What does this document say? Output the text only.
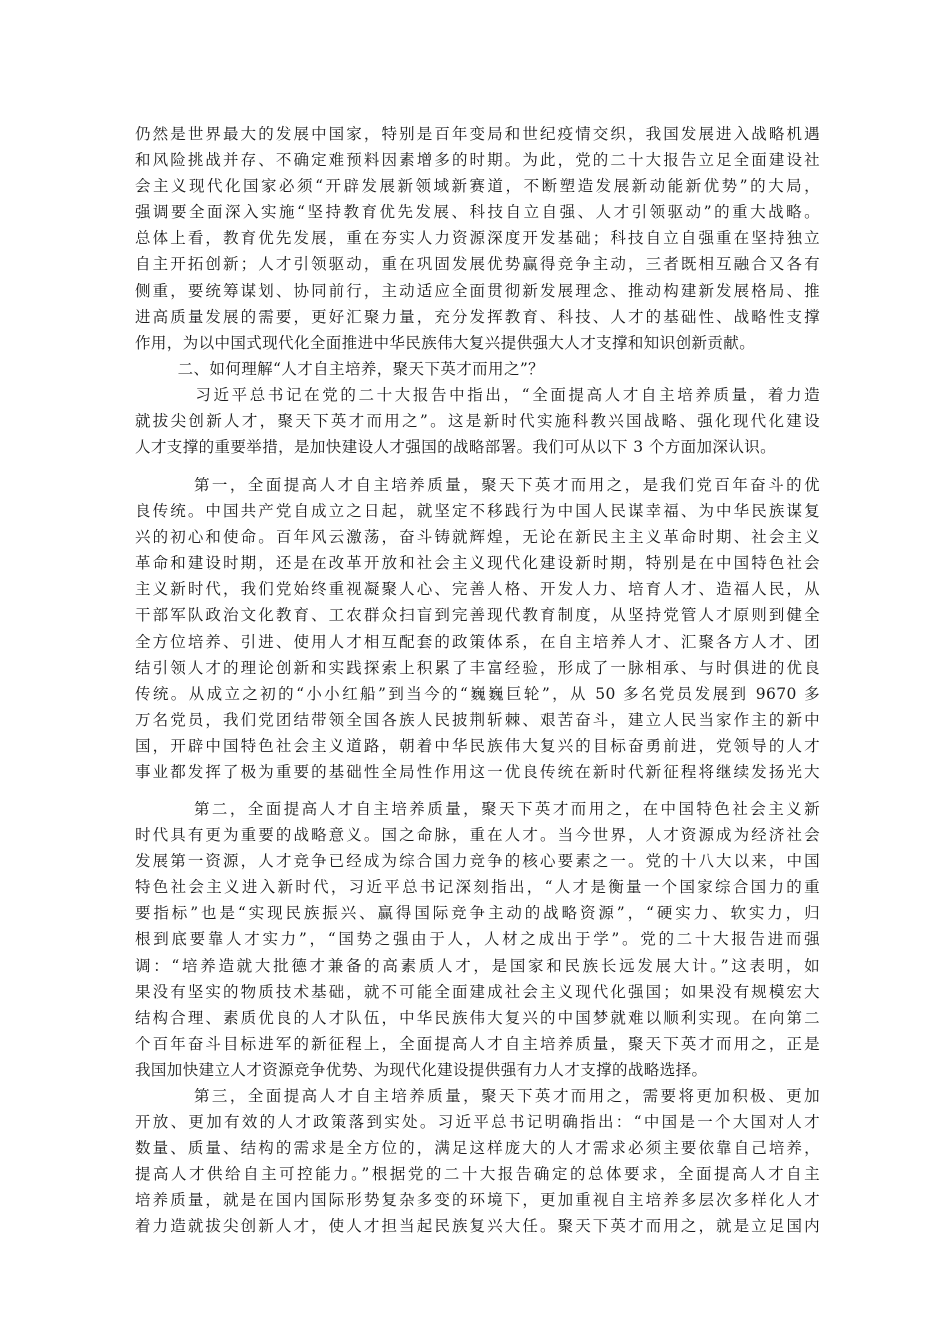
仍然是世界最大的发展中国家，特别是百年变局和世纪疫情交织，我国发展进入战略机遇
和风险挑战并存、不确定难预料因素增多的时期。为此，党的二十大报告立足全面建设社
会主义现代化国家必须“开辟发展新领域新赛道，不断塑造发展新动能新优势”的大局，
强调要全面深入实施“坚持教育优先发展、科技自立自强、人才引领驱动”的重大战略。
总体上看，教育优先发展，重在夯实人力资源深度开发基础；科技自立自强重在坚持独立
自主开拓创新；人才引领驱动，重在巩固发展优势赢得竞争主动，三者既相互融合又各有
侧重，要统筹谋划、协同前行，主动适应全面贯彻新发展理念、推动构建新发展格局、推
进高质量发展的需要，更好汇聚力量，充分发挥教育、科技、人才的基础性、战略性支撑
作用，为以中国式现代化全面推进中华民族伟大复兴提供强大人才支撑和知识创新贡献。
二、如何理解“人才自主培养，聚天下英才而用之”？
习近平总书记在党的二十大报告中指出，“全面提高人才自主培养质量，着力造
就拔尖创新人才，聚天下英才而用之”。这是新时代实施科教兴国战略、强化现代化建设
人才支撑的重要举措，是加快建设人才强国的战略部署。我们可从以下 3 个方面加深认识。
第一，全面提高人才自主培养质量，聚天下英才而用之，是我们党百年奋斗的优
良传统。中国共产党自成立之日起，就坚定不移践行为中国人民谋幸福、为中华民族谋复
兴的初心和使命。百年风云激荡，奋斗铸就辉煌，无论在新民主主义革命时期、社会主义
革命和建设时期，还是在改革开放和社会主义现代化建设新时期，特别是在中国特色社会
主义新时代，我们党始终重视凝聚人心、完善人格、开发人力、培育人才、造福人民，从
干部军队政治文化教育、工农群众扫盲到完善现代教育制度，从坚持党管人才原则到健全
全方位培养、引进、使用人才相互配套的政策体系，在自主培养人才、汇聚各方人才、团
结引领人才的理论创新和实践探索上积累了丰富经验，形成了一脉相承、与时俱进的优良
传统。从成立之初的“小小红船”到当今的“巍巍巨轮”，从 50 多名党员发展到 9670 多
万名党员，我们党团结带领全国各族人民披荆斩棘、艰苦奋斗，建立人民当家作主的新中
国，开辟中国特色社会主义道路，朝着中华民族伟大复兴的目标奋勇前进，党领导的人才
事业都发挥了极为重要的基础性全局性作用这一优良传统在新时代新征程将继续发扬光大
第二，全面提高人才自主培养质量，聚天下英才而用之，在中国特色社会主义新
时代具有更为重要的战略意义。国之命脉，重在人才。当今世界，人才资源成为经济社会
发展第一资源，人才竞争已经成为综合国力竞争的核心要素之一。党的十八大以来，中国
特色社会主义进入新时代，习近平总书记深刻指出，“人才是衡量一个国家综合国力的重
要指标”也是“实现民族振兴、赢得国际竞争主动的战略资源”，“硬实力、软实力，归
根到底要靠人才实力”，“国势之强由于人，人材之成出于学”。党的二十大报告进而强
调：“培养造就大批德才兼备的高素质人才，是国家和民族长远发展大计。”这表明，如
果没有坚实的物质技术基础，就不可能全面建成社会主义现代化强国；如果没有规模宏大
结构合理、素质优良的人才队伍，中华民族伟大复兴的中国梦就难以顺利实现。在向第二
个百年奋斗目标进军的新征程上，全面提高人才自主培养质量，聚天下英才而用之，正是
我国加快建立人才资源竞争优势、为现代化建设提供强有力人才支撑的战略选择。
第三，全面提高人才自主培养质量，聚天下英才而用之，需要将更加积极、更加
开放、更加有效的人才政策落到实处。习近平总书记明确指出：“中国是一个大国对人才
数量、质量、结构的需求是全方位的，满足这样庞大的人才需求必须主要依靠自己培养，
提高人才供给自主可控能力。”根据党的二十大报告确定的总体要求，全面提高人才自主
培养质量，就是在国内国际形势复杂多变的环境下，更加重视自主培养多层次多样化人才
着力造就拔尖创新人才，使人才担当起民族复兴大任。聚天下英才而用之，就是立足国内
